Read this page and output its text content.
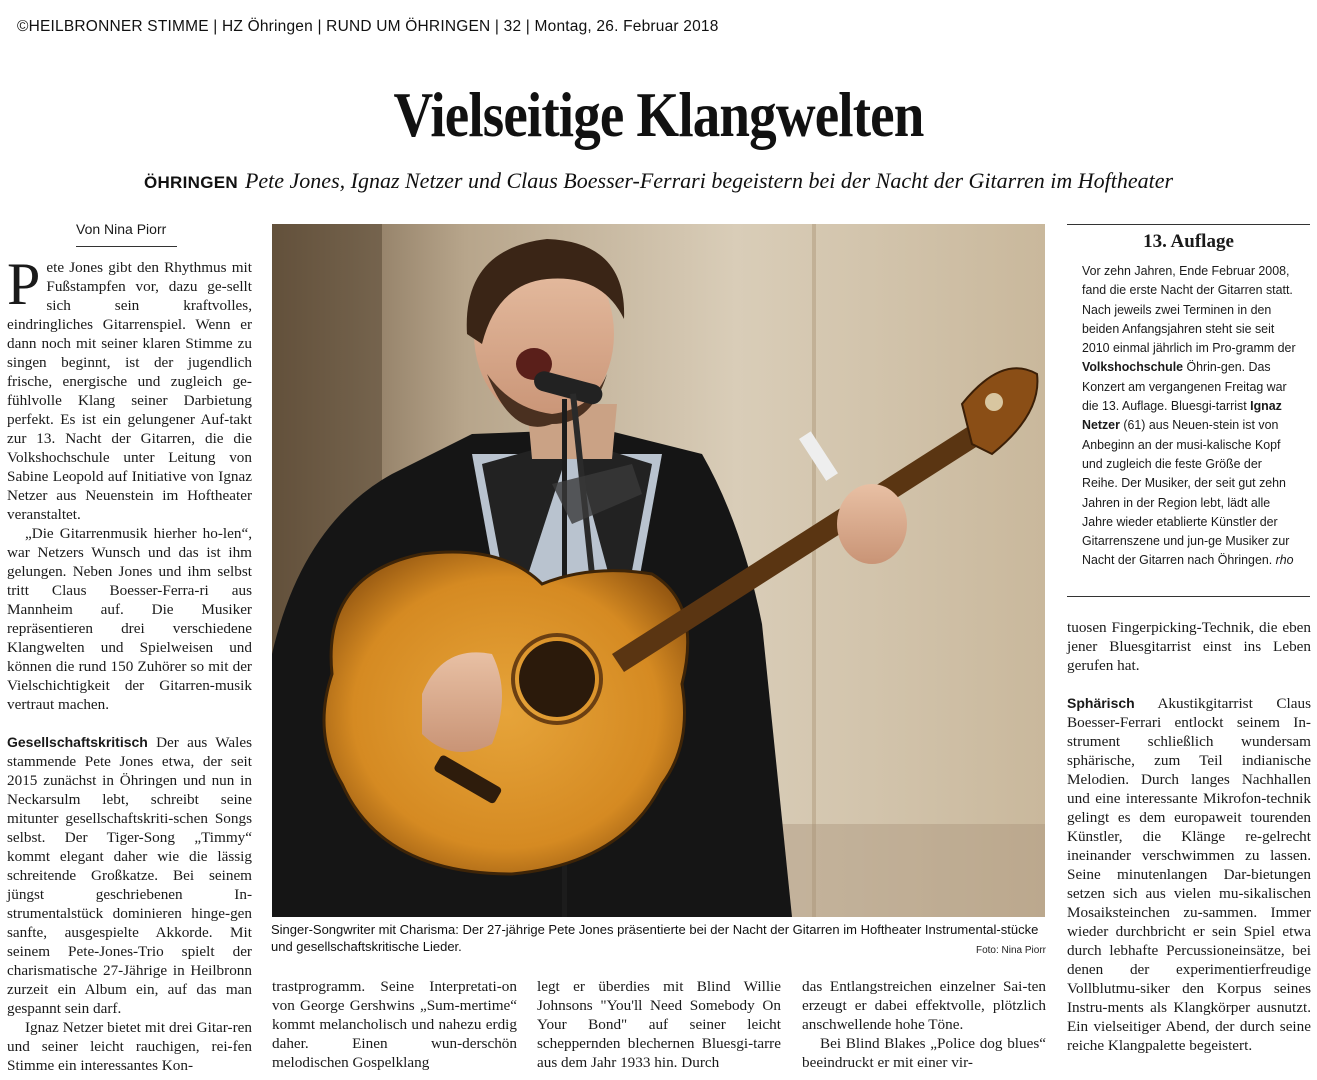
©HEILBRONNER STIMME | HZ Öhringen | RUND UM ÖHRINGEN | 32 | Montag, 26. Februar 2018
Vielseitige Klangwelten
ÖHRINGEN Pete Jones, Ignaz Netzer und Claus Boesser-Ferrari begeistern bei der Nacht der Gitarren im Hoftheater
Von Nina Piorr

Pete Jones gibt den Rhythmus mit Fußstampfen vor, dazu ge-sellt sich sein kraftvolles, eindringliches Gitarrenspiel. Wenn er dann noch mit seiner klaren Stimme zu singen beginnt, ist der jugendlich frische, energische und zugleich ge-fühlvolle Klang seiner Darbietung perfekt. Es ist ein gelungener Auf-takt zur 13. Nacht der Gitarren, die die Volkshochschule unter Leitung von Sabine Leopold auf Initiative von Ignaz Netzer aus Neuenstein im Hoftheater veranstaltet.

„Die Gitarrenmusik hierher ho-len“, war Netzers Wunsch und das ist ihm gelungen. Neben Jones und ihm selbst tritt Claus Boesser-Ferra-ri aus Mannheim auf. Die Musiker repräsentieren drei verschiedene Klangwelten und Spielweisen und können die rund 150 Zuhörer so mit der Vielschichtigkeit der Gitarren-musik vertraut machen.

Gesellschaftskritisch Der aus Wales stammende Pete Jones etwa, der seit 2015 zunächst in Öhringen und nun in Neckarsulm lebt, schreibt seine mitunter gesellschaftskriti-schen Songs selbst. Der Tiger-Song „Timmy“ kommt elegant daher wie die lässig schreitende Großkatze. Bei seinem jüngst geschriebenen In-strumentalstück dominieren hinge-gen sanfte, ausgespielte Akkorde. Mit seinem Pete-Jones-Trio spielt der charismatische 27-Jährige in Heilbronn zurzeit ein Album ein, auf das man gespannt sein darf.

Ignaz Netzer bietet mit drei Gitar-ren und seiner leicht rauchigen, rei-fen Stimme ein interessantes Kon-

Singer-Songwriter mit Charisma: Der 27-jährige Pete Jones präsentierte bei der Nacht der Gitarren im Hoftheater Instrumental-stücke und gesellschaftskritische Lieder.	Foto: Nina Piorr

trastprogramm. Seine Interpretati-on von George Gershwins „Sum-mertime“ kommt melancholisch und nahezu erdig daher. Einen wun-derschön melodischen Gospelklang

legt er überdies mit Blind Willie Johnsons "You'll Need Somebody On Your Bond" auf seiner leicht scheppernden blechernen Bluesgi-tarre aus dem Jahr 1933 hin. Durch

das Entlangstreichen einzelner Sai-ten erzeugt er dabei effektvolle, plötzlich anschwellende hohe Töne.

Bei Blind Blakes „Police dog blues“ beeindruckt er mit einer vir-

13. Auflage
Vor zehn Jahren, Ende Februar 2008, fand die erste Nacht der Gitarren statt. Nach jeweils zwei Terminen in den beiden Anfangsjahren steht sie seit 2010 einmal jährlich im Pro-gramm der Volkshochschule Öhrin-gen. Das Konzert am vergangenen Freitag war die 13. Auflage. Bluesgi-tarrist Ignaz Netzer (61) aus Neuen-stein ist von Anbeginn an der musi-kalische Kopf und zugleich die feste Größe der Reihe. Der Musiker, der seit gut zehn Jahren in der Region lebt, lädt alle Jahre wieder etablierte Künstler der Gitarrenszene und jun-ge Musiker zur Nacht der Gitarren nach Öhringen. rho

tuosen Fingerpicking-Technik, die eben jener Bluesgitarrist einst ins Leben gerufen hat.

Sphärisch Akustikgitarrist Claus Boesser-Ferrari entlockt seinem In-strument schließlich wundersam sphärische, zum Teil indianische Melodien. Durch langes Nachhallen und eine interessante Mikrofon-technik gelingt es dem europaweit tourenden Künstler, die Klänge re-gelrecht ineinander verschwimmen zu lassen. Seine minutenlangen Dar-bietungen setzen sich aus vielen mu-sikalischen Mosaiksteinchen zu-sammen. Immer wieder durchbricht er sein Spiel etwa durch lebhafte Percussioneinsätze, bei denen der experimentierfreudige Vollblutmu-siker den Korpus seines Instru-ments als Klangkörper ausnutzt. Ein vielseitiger Abend, der durch seine reiche Klangpalette begeistert.
